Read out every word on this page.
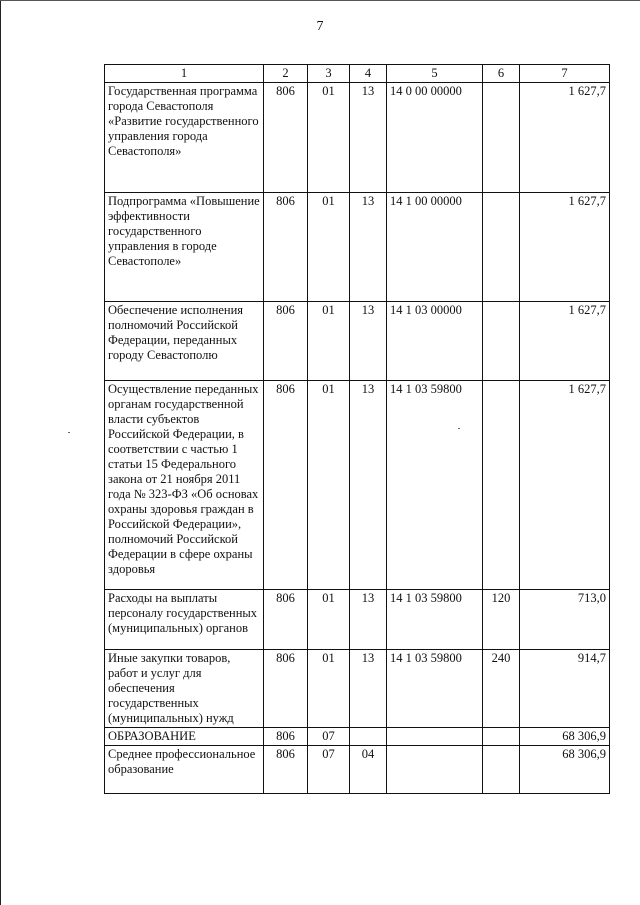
7
1	2	3	4	5	6	7
Государственная программа города Севастополя «Развитие государственного управления города Севастополя»	806	01	13	14 0 00 00000		1 627,7
Подпрограмма «Повышение эффективности государственного управления в городе Севастополе»	806	01	13	14 1 00 00000		1 627,7
Обеспечение исполнения полномочий Российской Федерации, переданных городу Севастополю	806	01	13	14 1 03 00000		1 627,7
Осуществление переданных органам государственной власти субъектов Российской Федерации, в соответствии с частью 1 статьи 15 Федерального закона от 21 ноября 2011 года № 323-ФЗ «Об основах охраны здоровья граждан в Российской Федерации», полномочий Российской Федерации в сфере охраны здоровья	806	01	13	14 1 03 59800		1 627,7
Расходы на выплаты персоналу государственных (муниципальных) органов	806	01	13	14 1 03 59800	120	713,0
Иные закупки товаров, работ и услуг для обеспечения государственных (муниципальных) нужд	806	01	13	14 1 03 59800	240	914,7
ОБРАЗОВАНИЕ	806	07				68 306,9
Среднее профессиональное образование	806	07	04			68 306,9
